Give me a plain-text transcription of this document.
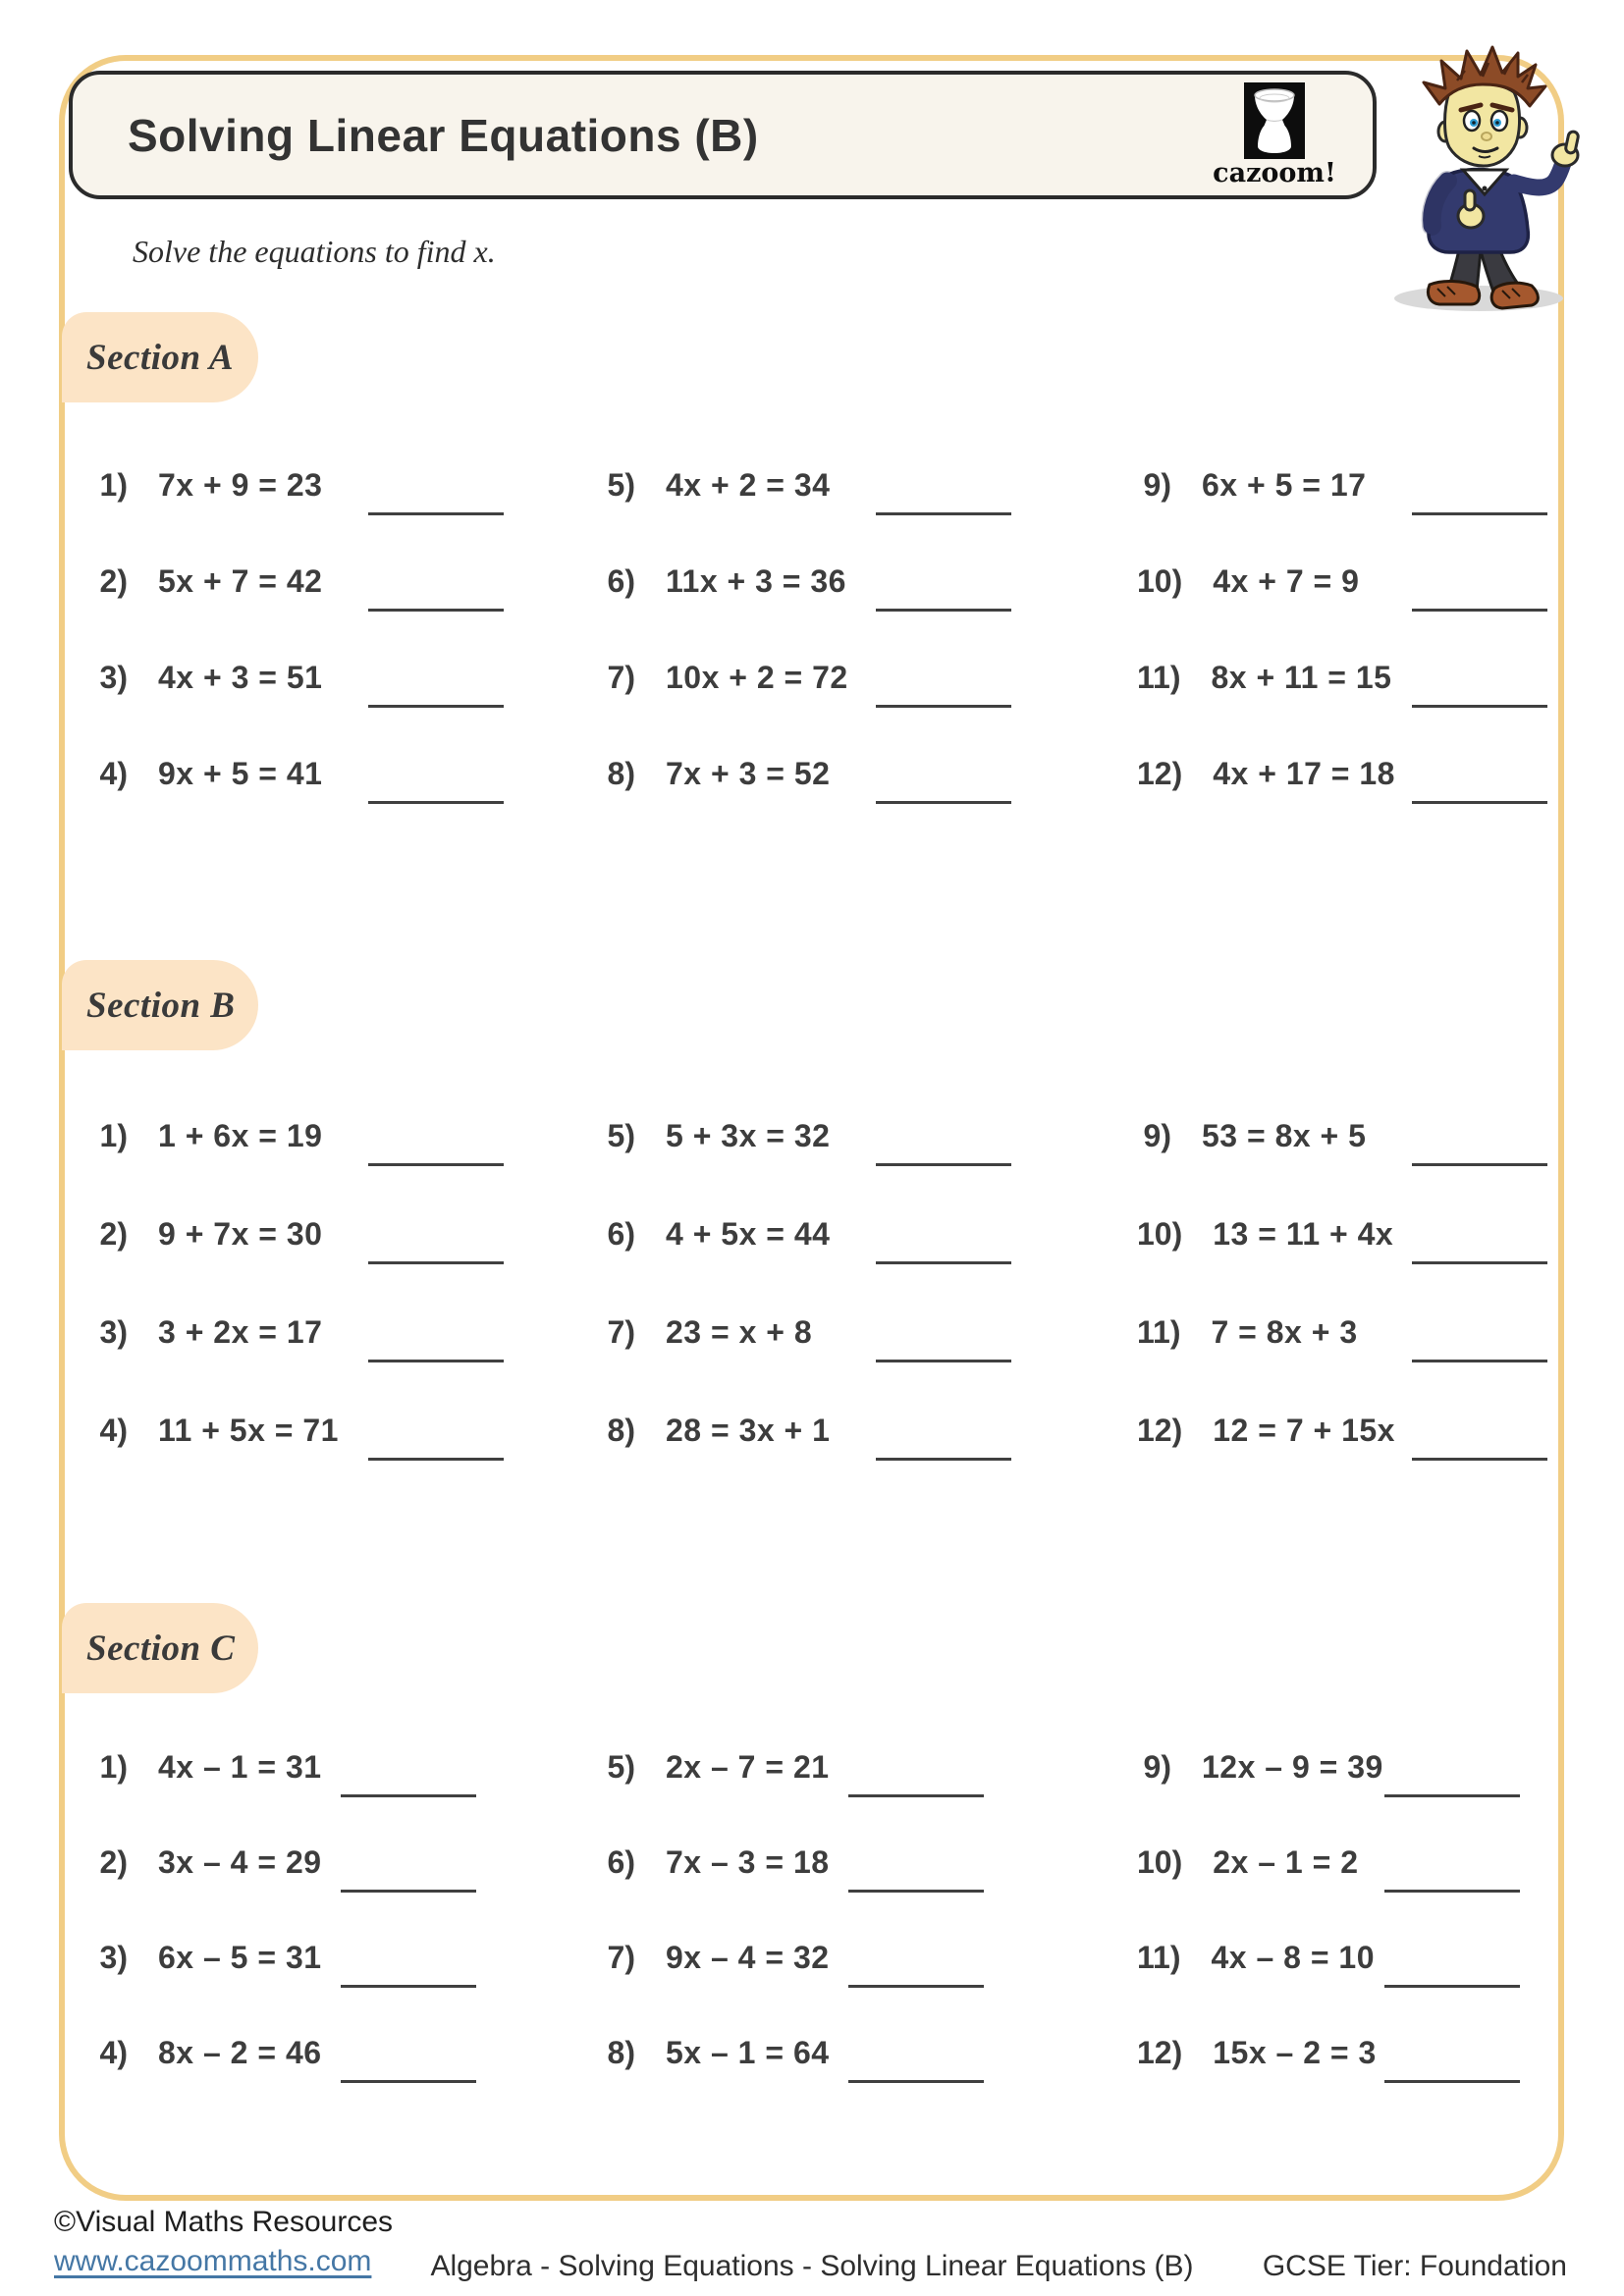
Solving Linear Equations (B)
cazoom!

Solve the equations to find x.

Section A
Section B
Section C
1) 7x + 9 = 23
2) 5x + 7 = 42
3) 4x + 3 = 51
4) 9x + 5 = 41
5) 4x + 2 = 34
6) 11x + 3 = 36
7) 10x + 2 = 72
8) 7x + 3 = 52
9) 6x + 5 = 17
10) 4x + 7 = 9
11) 8x + 11 = 15
12) 4x + 17 = 18
1) 1 + 6x = 19
2) 9 + 7x = 30
3) 3 + 2x = 17
4) 11 + 5x = 71
5) 5 + 3x = 32
6) 4 + 5x = 44
7) 23 = x + 8
8) 28 = 3x + 1
9) 53 = 8x + 5
10) 13 = 11 + 4x
11) 7 = 8x + 3
12) 12 = 7 + 15x
1) 4x – 1 = 31
2) 3x – 4 = 29
3) 6x – 5 = 31
4) 8x – 2 = 46
5) 2x – 7 = 21
6) 7x – 3 = 18
7) 9x – 4 = 32
8) 5x – 1 = 64
9) 12x – 9 = 39
10) 2x – 1 = 2
11) 4x – 8 = 10
12) 15x – 2 = 3
©Visual Maths Resources
www.cazoommaths.com Algebra - Solving Equations - Solving Linear Equations (B) GCSE Tier: Foundation
